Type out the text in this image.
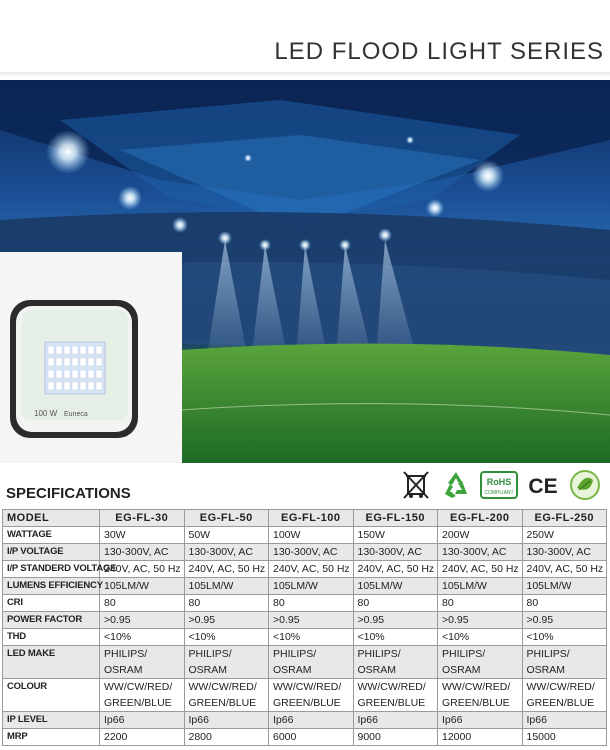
LED FLOOD LIGHT SERIES
100 W Euneca
SPECIFICATIONS
RoHS
COMPLIANT CE
MODEL	EG-FL-30	EG-FL-50	EG-FL-100	EG-FL-150	EG-FL-200	EG-FL-250
WATTAGE	30W	50W	100W	150W	200W	250W
I/P VOLTAGE	130-300V, AC	130-300V, AC	130-300V, AC	130-300V, AC	130-300V, AC	130-300V, AC
I/P STANDERD VOLTAGE	240V, AC, 50 Hz	240V, AC, 50 Hz	240V, AC, 50 Hz	240V, AC, 50 Hz	240V, AC, 50 Hz	240V, AC, 50 Hz
LUMENS EFFICIENCY	105LM/W	105LM/W	105LM/W	105LM/W	105LM/W	105LM/W
CRI	80	80	80	80	80	80
POWER FACTOR	>0.95	>0.95	>0.95	>0.95	>0.95	>0.95
THD	<10%	<10%	<10%	<10%	<10%	<10%
LED MAKE	PHILIPS/ OSRAM	PHILIPS/ OSRAM	PHILIPS/ OSRAM	PHILIPS/ OSRAM	PHILIPS/ OSRAM	PHILIPS/ OSRAM
COLOUR	WW/CW/RED/ GREEN/BLUE	WW/CW/RED/ GREEN/BLUE	WW/CW/RED/ GREEN/BLUE	WW/CW/RED/ GREEN/BLUE	WW/CW/RED/ GREEN/BLUE	WW/CW/RED/ GREEN/BLUE
IP LEVEL	Ip66	Ip66	Ip66	Ip66	Ip66	Ip66
MRP	2200	2800	6000	9000	12000	15000
